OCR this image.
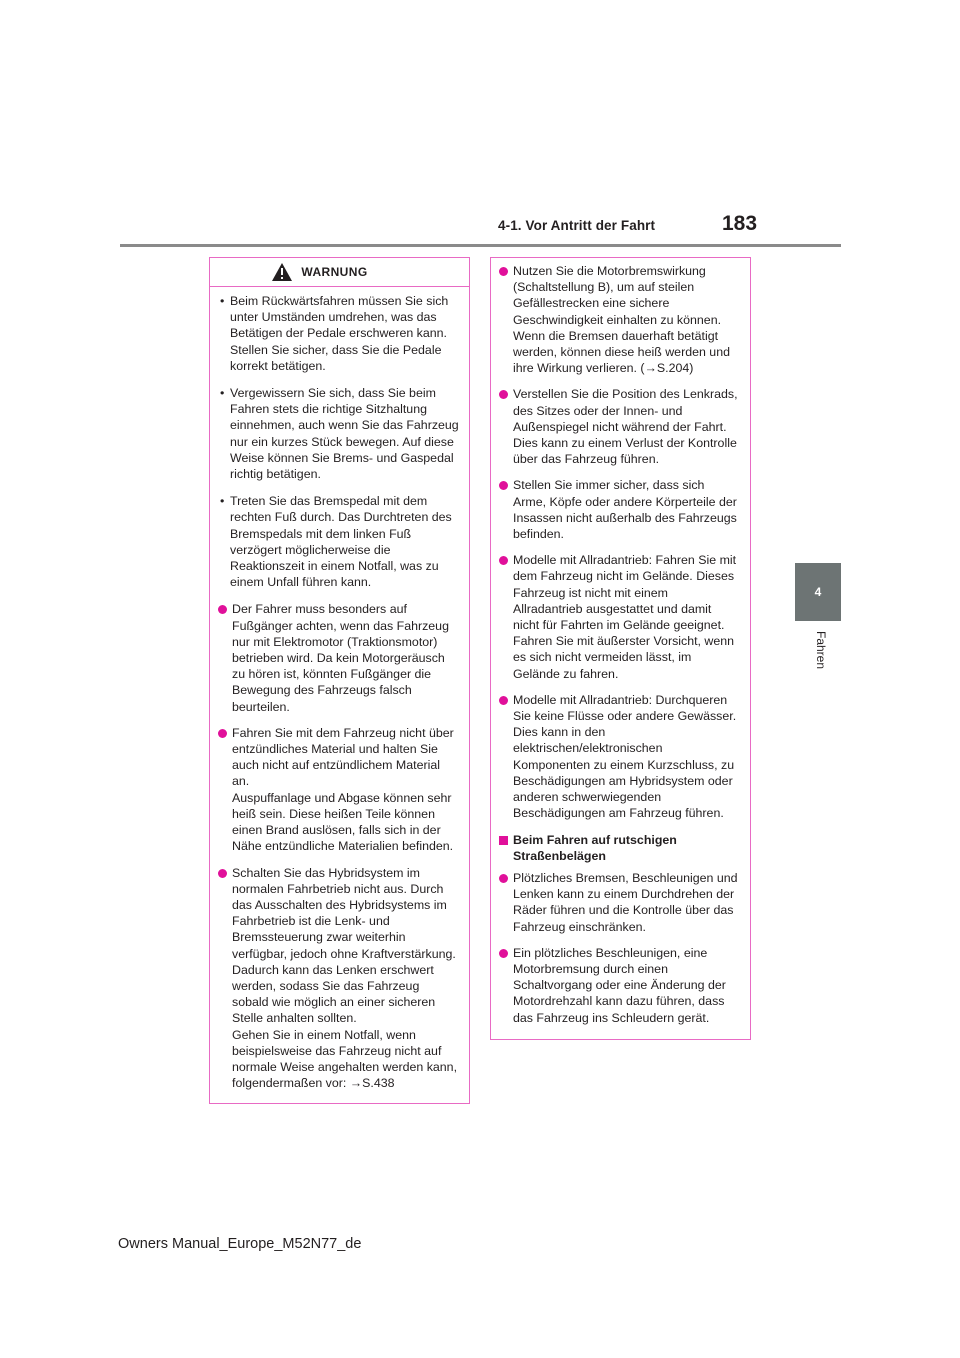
4-1. Vor Antritt der Fahrt	183
4
Fahren
WARNUNG
• Beim Rückwärtsfahren müssen Sie sich unter Umständen umdrehen, was das Betätigen der Pedale erschweren kann. Stellen Sie sicher, dass Sie die Pedale korrekt betätigen.
• Vergewissern Sie sich, dass Sie beim Fahren stets die richtige Sitzhaltung einnehmen, auch wenn Sie das Fahrzeug nur ein kurzes Stück bewegen. Auf diese Weise können Sie Brems- und Gaspedal richtig betätigen.
• Treten Sie das Bremspedal mit dem rechten Fuß durch. Das Durchtreten des Bremspedals mit dem linken Fuß verzögert möglicherweise die Reaktionszeit in einem Notfall, was zu einem Unfall führen kann.
Der Fahrer muss besonders auf Fußgänger achten, wenn das Fahrzeug nur mit Elektromotor (Traktionsmotor) betrieben wird. Da kein Motorgeräusch zu hören ist, könnten Fußgänger die Bewegung des Fahrzeugs falsch beurteilen.
Fahren Sie mit dem Fahrzeug nicht über entzündliches Material und halten Sie auch nicht auf entzündlichem Material an.
Auspuffanlage und Abgase können sehr heiß sein. Diese heißen Teile können einen Brand auslösen, falls sich in der Nähe entzündliche Materialien befinden.
Schalten Sie das Hybridsystem im normalen Fahrbetrieb nicht aus. Durch das Ausschalten des Hybridsystems im Fahrbetrieb ist die Lenk- und Bremssteuerung zwar weiterhin verfügbar, jedoch ohne Kraftverstärkung. Dadurch kann das Lenken erschwert werden, sodass Sie das Fahrzeug sobald wie möglich an einer sicheren Stelle anhalten sollten.
Gehen Sie in einem Notfall, wenn beispielsweise das Fahrzeug nicht auf normale Weise angehalten werden kann, folgendermaßen vor: →S.438
Nutzen Sie die Motorbremswirkung (Schaltstellung B), um auf steilen Gefällestrecken eine sichere Geschwindigkeit einhalten zu können.
Wenn die Bremsen dauerhaft betätigt werden, können diese heiß werden und ihre Wirkung verlieren. (→S.204)
Verstellen Sie die Position des Lenkrads, des Sitzes oder der Innen- und Außenspiegel nicht während der Fahrt. Dies kann zu einem Verlust der Kontrolle über das Fahrzeug führen.
Stellen Sie immer sicher, dass sich Arme, Köpfe oder andere Körperteile der Insassen nicht außerhalb des Fahrzeugs befinden.
Modelle mit Allradantrieb: Fahren Sie mit dem Fahrzeug nicht im Gelände. Dieses Fahrzeug ist nicht mit einem Allradantrieb ausgestattet und damit nicht für Fahrten im Gelände geeignet. Fahren Sie mit äußerster Vorsicht, wenn es sich nicht vermeiden lässt, im Gelände zu fahren.
Modelle mit Allradantrieb: Durchqueren Sie keine Flüsse oder andere Gewässer.
Dies kann in den elektrischen/elektronischen Komponenten zu einem Kurzschluss, zu Beschädigungen am Hybridsystem oder anderen schwerwiegenden Beschädigungen am Fahrzeug führen.
Beim Fahren auf rutschigen Straßenbelägen
Plötzliches Bremsen, Beschleunigen und Lenken kann zu einem Durchdrehen der Räder führen und die Kontrolle über das Fahrzeug einschränken.
Ein plötzliches Beschleunigen, eine Motorbremsung durch einen Schaltvorgang oder eine Änderung der Motordrehzahl kann dazu führen, dass das Fahrzeug ins Schleudern gerät.
Owners Manual_Europe_M52N77_de
